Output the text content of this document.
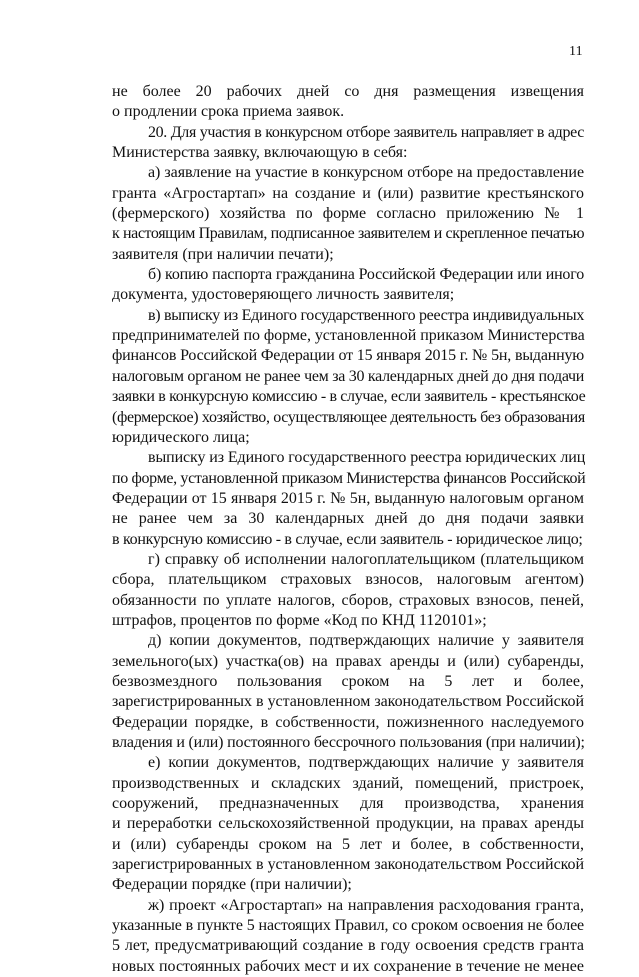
11
не более 20 рабочих дней со дня размещения извещения
о продлении срока приема заявок.
20. Для участия в конкурсном отборе заявитель направляет в адрес
Министерства заявку, включающую в себя:
а) заявление на участие в конкурсном отборе на предоставление
гранта «Агростартап» на создание и (или) развитие крестьянского
(фермерского) хозяйства по форме согласно приложению № 1
к настоящим Правилам, подписанное заявителем и скрепленное печатью
заявителя (при наличии печати);
б) копию паспорта гражданина Российской Федерации или иного
документа, удостоверяющего личность заявителя;
в) выписку из Единого государственного реестра индивидуальных
предпринимателей по форме, установленной приказом Министерства
финансов Российской Федерации от 15 января 2015 г. № 5н, выданную
налоговым органом не ранее чем за 30 календарных дней до дня подачи
заявки в конкурсную комиссию - в случае, если заявитель - крестьянское
(фермерское) хозяйство, осуществляющее деятельность без образования
юридического лица;
выписку из Единого государственного реестра юридических лиц
по форме, установленной приказом Министерства финансов Российской
Федерации от 15 января 2015 г. № 5н, выданную налоговым органом
не ранее чем за 30 календарных дней до дня подачи заявки
в конкурсную комиссию - в случае, если заявитель - юридическое лицо;
г) справку об исполнении налогоплательщиком (плательщиком
сбора, плательщиком страховых взносов, налоговым агентом)
обязанности по уплате налогов, сборов, страховых взносов, пеней,
штрафов, процентов по форме «Код по КНД 1120101»;
д) копии документов, подтверждающих наличие у заявителя
земельного(ых) участка(ов) на правах аренды и (или) субаренды,
безвозмездного пользования сроком на 5 лет и более,
зарегистрированных в установленном законодательством Российской
Федерации порядке, в собственности, пожизненного наследуемого
владения и (или) постоянного бессрочного пользования (при наличии);
е) копии документов, подтверждающих наличие у заявителя
производственных и складских зданий, помещений, пристроек,
сооружений, предназначенных для производства, хранения
и переработки сельскохозяйственной продукции, на правах аренды
и (или) субаренды сроком на 5 лет и более, в собственности,
зарегистрированных в установленном законодательством Российской
Федерации порядке (при наличии);
ж) проект «Агростартап» на направления расходования гранта,
указанные в пункте 5 настоящих Правил, со сроком освоения не более
5 лет, предусматривающий создание в году освоения средств гранта
новых постоянных рабочих мест и их сохранение в течение не менее
